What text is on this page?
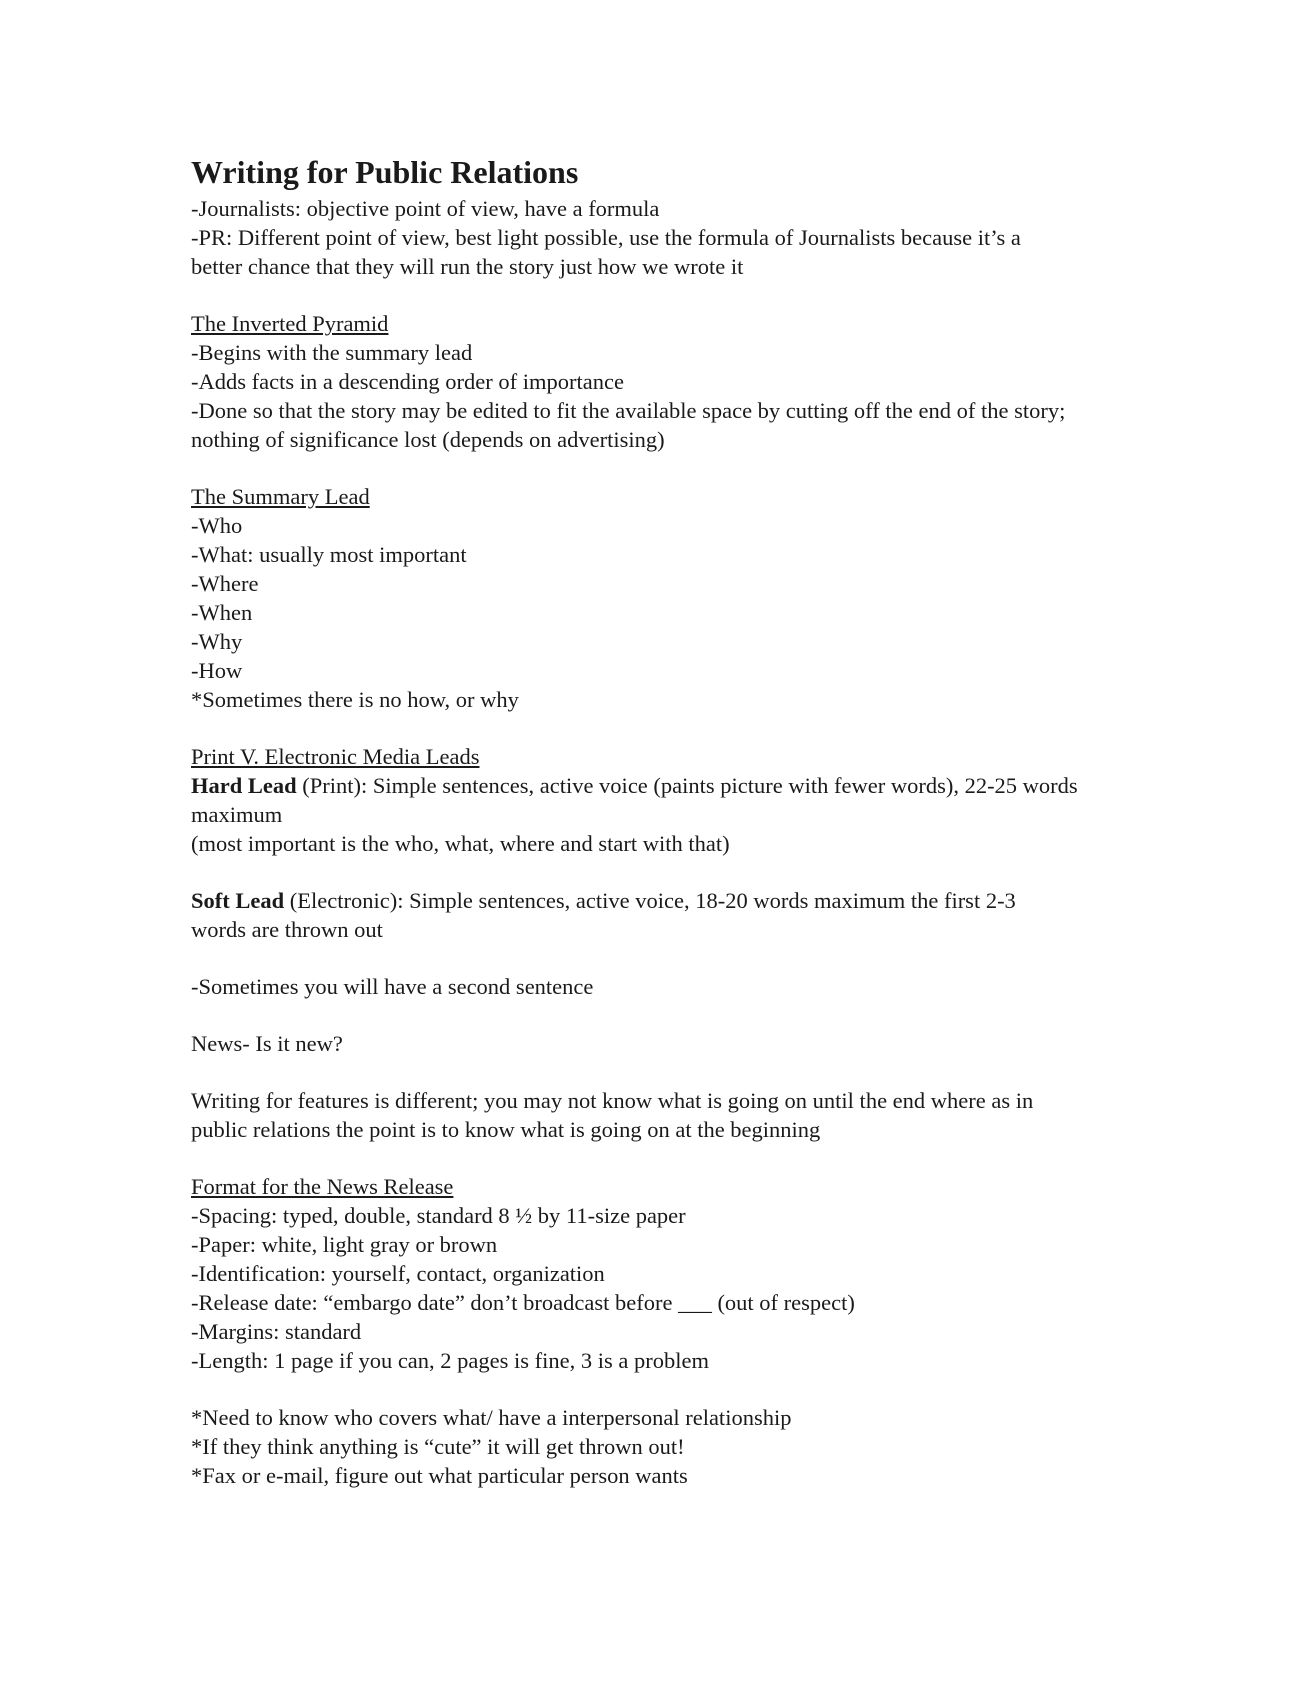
Writing for Public Relations

-Journalists: objective point of view, have a formula

-PR: Different point of view, best light possible, use the formula of Journalists because it’s a better chance that they will run the story just how we wrote it

The Inverted Pyramid

-Begins with the summary lead

-Adds facts in a descending order of importance

-Done so that the story may be edited to fit the available space by cutting off the end of the story; nothing of significance lost (depends on advertising)

The Summary Lead

-Who

-What: usually most important

-Where

-When

-Why

-How

*Sometimes there is no how, or why

Print V. Electronic Media Leads

Hard Lead (Print): Simple sentences, active voice (paints picture with fewer words), 22-25 words maximum

(most important is the who, what, where and start with that)

Soft Lead (Electronic): Simple sentences, active voice, 18-20 words maximum the first 2-3 words are thrown out

-Sometimes you will have a second sentence

News- Is it new?

Writing for features is different; you may not know what is going on until the end where as in public relations the point is to know what is going on at the beginning

Format for the News Release

-Spacing: typed, double, standard 8 ½ by 11-size paper

-Paper: white, light gray or brown

-Identification: yourself, contact, organization

-Release date: “embargo date” don’t broadcast before ___ (out of respect)

-Margins: standard

-Length: 1 page if you can, 2 pages is fine, 3 is a problem

*Need to know who covers what/ have a interpersonal relationship

*If they think anything is “cute” it will get thrown out!

*Fax or e-mail, figure out what particular person wants
